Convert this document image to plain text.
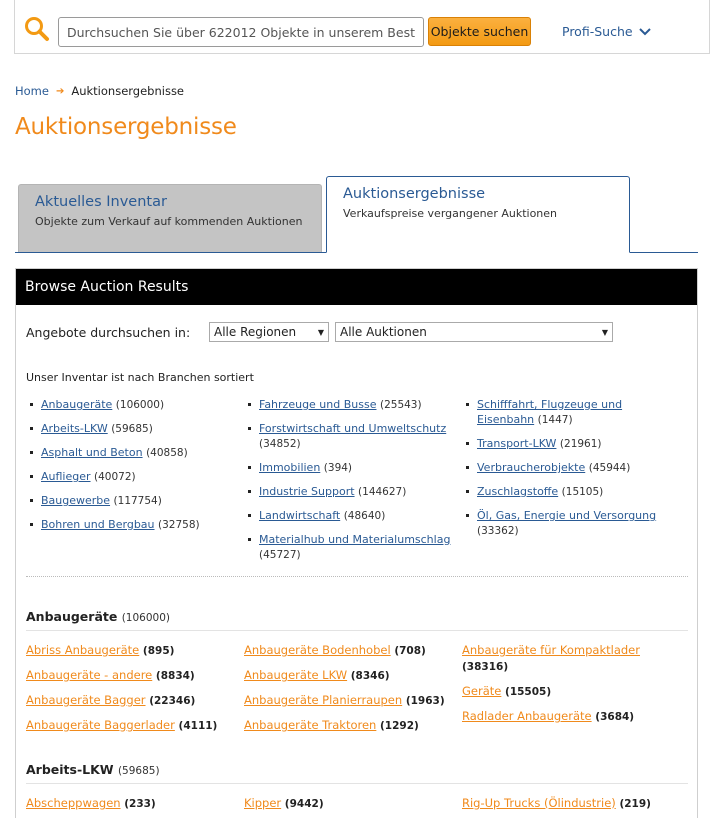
Durchsuchen Sie über 622012 Objekte in unserem Bestand
Objekte suchen	Profi-Suche
Home ➔ Auktionsergebnisse
Auktionsergebnisse
Aktuelles Inventar
Objekte zum Verkauf auf kommenden Auktionen
Auktionsergebnisse
Verkaufspreise vergangener Auktionen
Browse Auction Results
Angebote durchsuchen in:	Alle Regionen	▼ Alle Auktionen	▼
Unser Inventar ist nach Branchen sortiert
Anbaugeräte (106000)
Arbeits-LKW (59685)
Asphalt und Beton (40858)
Auflieger (40072)
Baugewerbe (117754)
Bohren und Bergbau (32758)
Fahrzeuge und Busse (25543)
Forstwirtschaft und Umweltschutz (34852)
Immobilien (394)
Industrie Support (144627)
Landwirtschaft (48640)
Materialhub und Materialumschlag (45727)
Schifffahrt, Flugzeuge und Eisenbahn (1447)
Transport-LKW (21961)
Verbraucherobjekte (45944)
Zuschlagstoffe (15105)
Öl, Gas, Energie und Versorgung (33362)
Anbaugeräte (106000)
Abriss Anbaugeräte (895)
Anbaugeräte - andere (8834)
Anbaugeräte Bagger (22346)
Anbaugeräte Baggerlader (4111)
Anbaugeräte Bodenhobel (708)
Anbaugeräte LKW (8346)
Anbaugeräte Planierraupen (1963)
Anbaugeräte Traktoren (1292)
Anbaugeräte für Kompaktlader (38316)
Geräte (15505)
Radlader Anbaugeräte (3684)
Arbeits-LKW (59685)
Abscheppwagen (233)	Kipper (9442)	Rig-Up Trucks (Ölindustrie) (219)
